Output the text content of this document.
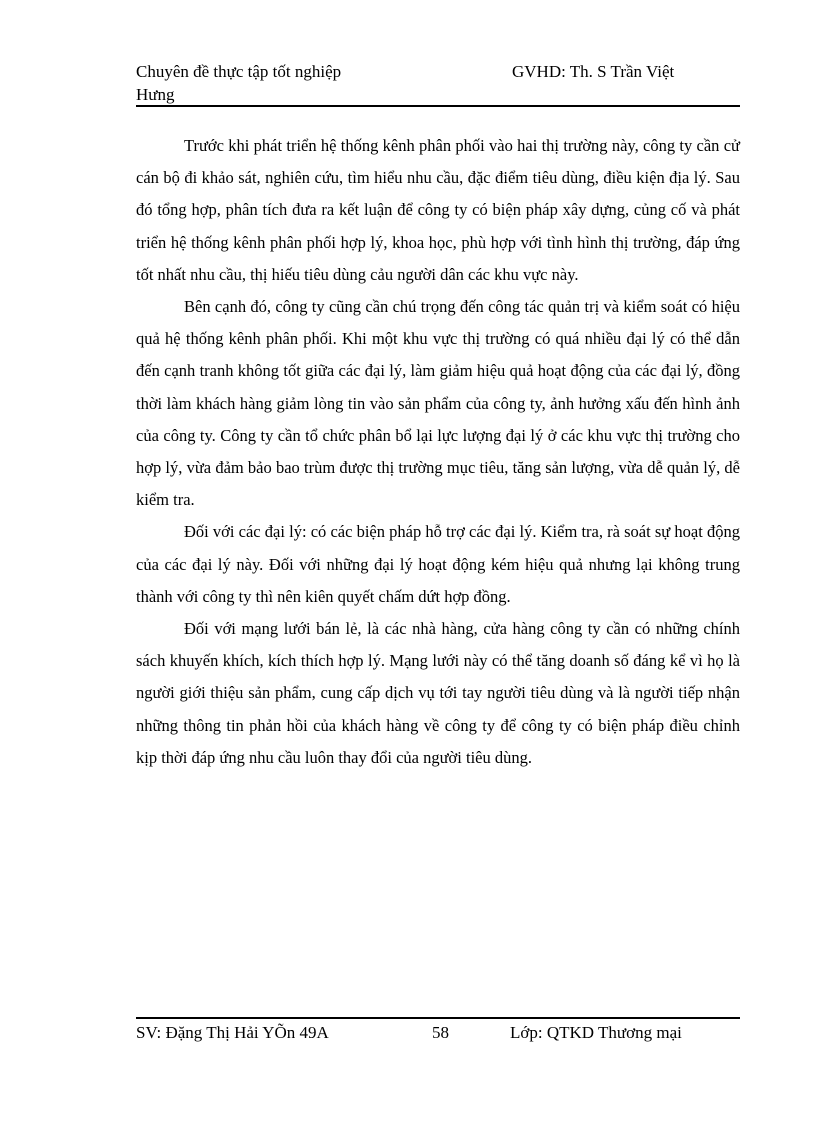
Chuyên đề thực tập tốt nghiệp Hưng
GVHD: Th. S Trần Việt

Trước khi phát triển hệ thống kênh phân phối vào hai thị trường này, công ty cần cử cán bộ đi khảo sát, nghiên cứu, tìm hiểu nhu cầu, đặc điểm tiêu dùng, điều kiện địa lý. Sau đó tổng hợp, phân tích đưa ra kết luận để công ty có biện pháp xây dựng, củng cố và phát triển hệ thống kênh phân phối hợp lý, khoa học, phù hợp với tình hình thị trường, đáp ứng tốt nhất nhu cầu, thị hiếu tiêu dùng cảu người dân các khu vực này.

Bên cạnh đó, công ty cũng cần chú trọng đến công tác quản trị và kiểm soát có hiệu quả hệ thống kênh phân phối. Khi một khu vực thị trường có quá nhiều đại lý có thể dẫn đến cạnh tranh không tốt giữa các đại lý, làm giảm hiệu quả hoạt động của các đại lý, đồng thời làm khách hàng giảm lòng tin vào sản phẩm của công ty, ảnh hưởng xấu đến hình ảnh của công ty. Công ty cần tổ chức phân bổ lại lực lượng đại lý ở các khu vực thị trường cho hợp lý, vừa đảm bảo bao trùm được thị trường mục tiêu, tăng sản lượng, vừa dễ quản lý, dễ kiểm tra.

Đối với các đại lý: có các biện pháp hỗ trợ các đại lý. Kiểm tra, rà soát sự hoạt động của các đại lý này. Đối với những đại lý hoạt động kém hiệu quả nhưng lại không trung thành với công ty thì nên kiên quyết chấm dứt hợp đồng.

Đối với mạng lưới bán lẻ, là các nhà hàng, cửa hàng công ty cần có những chính sách khuyến khích, kích thích hợp lý. Mạng lưới này có thể tăng doanh số đáng kể vì họ là người giới thiệu sản phẩm, cung cấp dịch vụ tới tay người tiêu dùng và là người tiếp nhận những thông tin phản hồi của khách hàng về công ty để công ty có biện pháp điều chỉnh kịp thời đáp ứng nhu cầu luôn thay đổi của người tiêu dùng.

SV: Đặng Thị Hải YÕn 49A	58	Lớp: QTKD Thương mại
